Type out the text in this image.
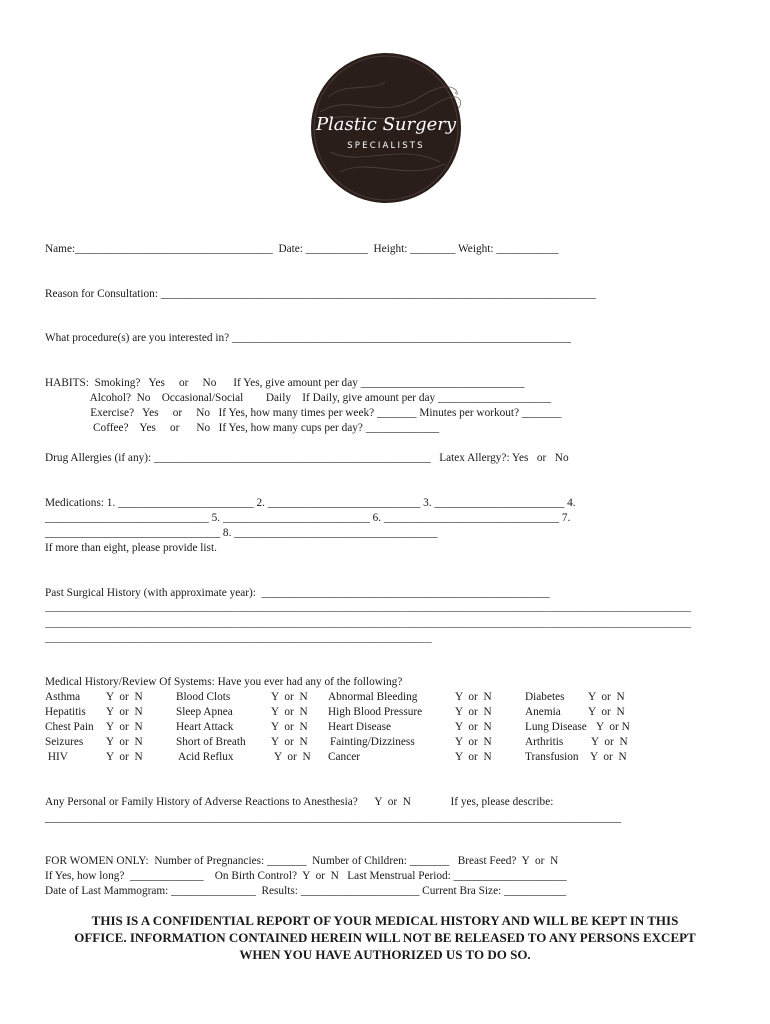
Plastic Surgery
SPECIALISTS
Name:___________________________________  Date: ___________  Height: ________ Weight: ___________
Reason for Consultation: _____________________________________________________________________________
What procedure(s) are you interested in? ____________________________________________________________
HABITS:  Smoking?   Yes     or     No      If Yes, give amount per day _____________________________
Alcohol?  No    Occasional/Social        Daily    If Daily, give amount per day ____________________
Exercise?   Yes     or     No   If Yes, how many times per week? _______ Minutes per workout? _______
Coffee?    Yes     or      No   If Yes, how many cups per day? _____________
Drug Allergies (if any): _________________________________________________   Latex Allergy?: Yes   or   No
Medications: 1. ________________________ 2. ___________________________ 3. _______________________ 4.
_____________________________ 5. __________________________ 6. _______________________________ 7.
_______________________________ 8. ____________________________________
If more than eight, please provide list.
Past Surgical History (with approximate year):  ___________________________________________________
__________________________________________________________________________________________________________________________
__________________________________________________________________________________________________________________________
_________________________________________________________________________
Medical History/Review Of Systems: Have you ever had any of the following?
Asthma Y  or  N	Blood Clots	Y  or  N Abnormal Bleeding	Y  or  N	Diabetes Y  or  N
Hepatitis Y  or  N	Sleep Apnea	Y  or  N High Blood Pressure	Y  or  N	Anemia Y  or  N
Chest Pain Y  or  N	Heart Attack	Y  or  N Heart Disease	Y  or  N	Lung Disease Y  or N
Seizures Y  or  N	Short of Breath Y  or  N Fainting/Dizziness	Y  or  N	Arthritis Y  or  N
HIV	Y  or  N	Acid Reflux	Y  or  N Cancer	Y  or  N	Transfusion Y  or  N
Any Personal or Family History of Adverse Reactions to Anesthesia?      Y  or  N              If yes, please describe:
______________________________________________________________________________________________________
FOR WOMEN ONLY:  Number of Pregnancies: _______  Number of Children: _______   Breast Feed?  Y  or  N
If Yes, how long?  _____________    On Birth Control?  Y  or  N   Last Menstrual Period: ____________________
Date of Last Mammogram: _______________  Results: _____________________ Current Bra Size: ___________
THIS IS A CONFIDENTIAL REPORT OF YOUR MEDICAL HISTORY AND WILL BE KEPT IN THIS
OFFICE. INFORMATION CONTAINED HEREIN WILL NOT BE RELEASED TO ANY PERSONS EXCEPT
WHEN YOU HAVE AUTHORIZED US TO DO SO.
